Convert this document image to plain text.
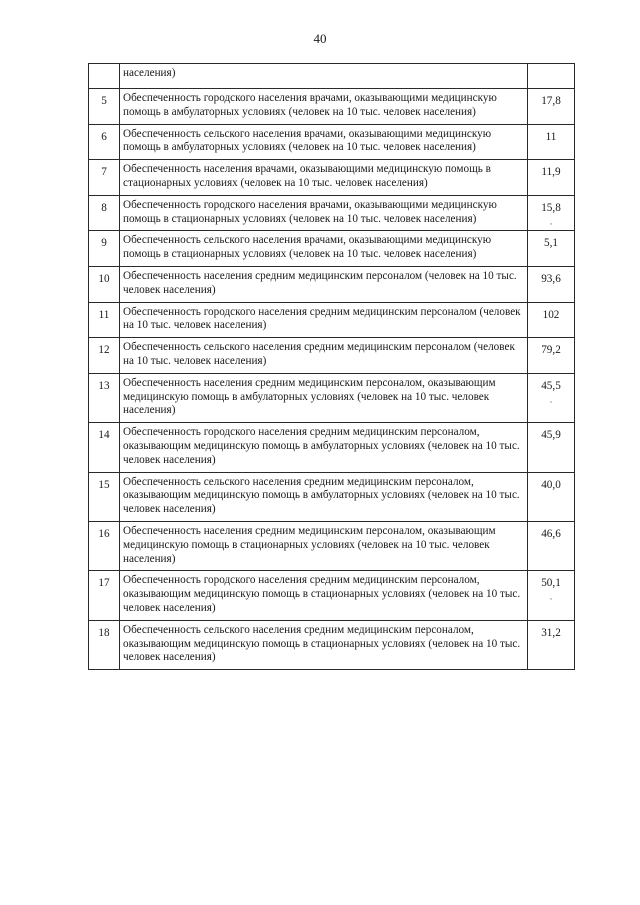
40

	населения)	

5	Обеспеченность городского населения врачами, оказывающими медицинскую помощь в амбулаторных условиях (человек на 10 тыс. человек населения)	17,8
6	Обеспеченность сельского населения врачами, оказывающими медицинскую помощь в амбулаторных условиях (человек на 10 тыс. человек населения)	11
7	Обеспеченность населения врачами, оказывающими медицинскую помощь в стационарных условиях (человек на 10 тыс. человек населения)	11,9
8	Обеспеченность городского населения врачами, оказывающими медицинскую помощь в стационарных условиях (человек на 10 тыс. человек населения)	15,8
·

9	Обеспеченность сельского населения врачами, оказывающими медицинскую помощь в стационарных условиях (человек на 10 тыс. человек населения)	5,1
10	Обеспеченность населения средним медицинским персоналом (человек на 10 тыс. человек населения)	93,6
11	Обеспеченность городского населения средним медицинским персоналом (человек на 10 тыс. человек населения)	102
12	Обеспеченность сельского населения средним медицинским персоналом (человек на 10 тыс. человек населения)	79,2
13	Обеспеченность населения средним медицинским персоналом, оказывающим медицинскую помощь в амбулаторных условиях (человек на 10 тыс. человек населения)	45,5
·

14	Обеспеченность городского населения средним медицинским персоналом, оказывающим медицинскую помощь в амбулаторных условиях (человек на 10 тыс. человек населения)	45,9
15	Обеспеченность сельского населения средним медицинским персоналом, оказывающим медицинскую помощь в амбулаторных условиях (человек на 10 тыс. человек населения)	40,0
16	Обеспеченность населения средним медицинским персоналом, оказывающим медицинскую помощь в стационарных условиях (человек на 10 тыс. человек населения)	46,6
17	Обеспеченность городского населения средним медицинским персоналом, оказывающим медицинскую помощь в стационарных условиях (человек на 10 тыс. человек населения)	50,1
·

18	Обеспеченность сельского населения средним медицинским персоналом, оказывающим медицинскую помощь в стационарных условиях (человек на 10 тыс. человек населения)	31,2
